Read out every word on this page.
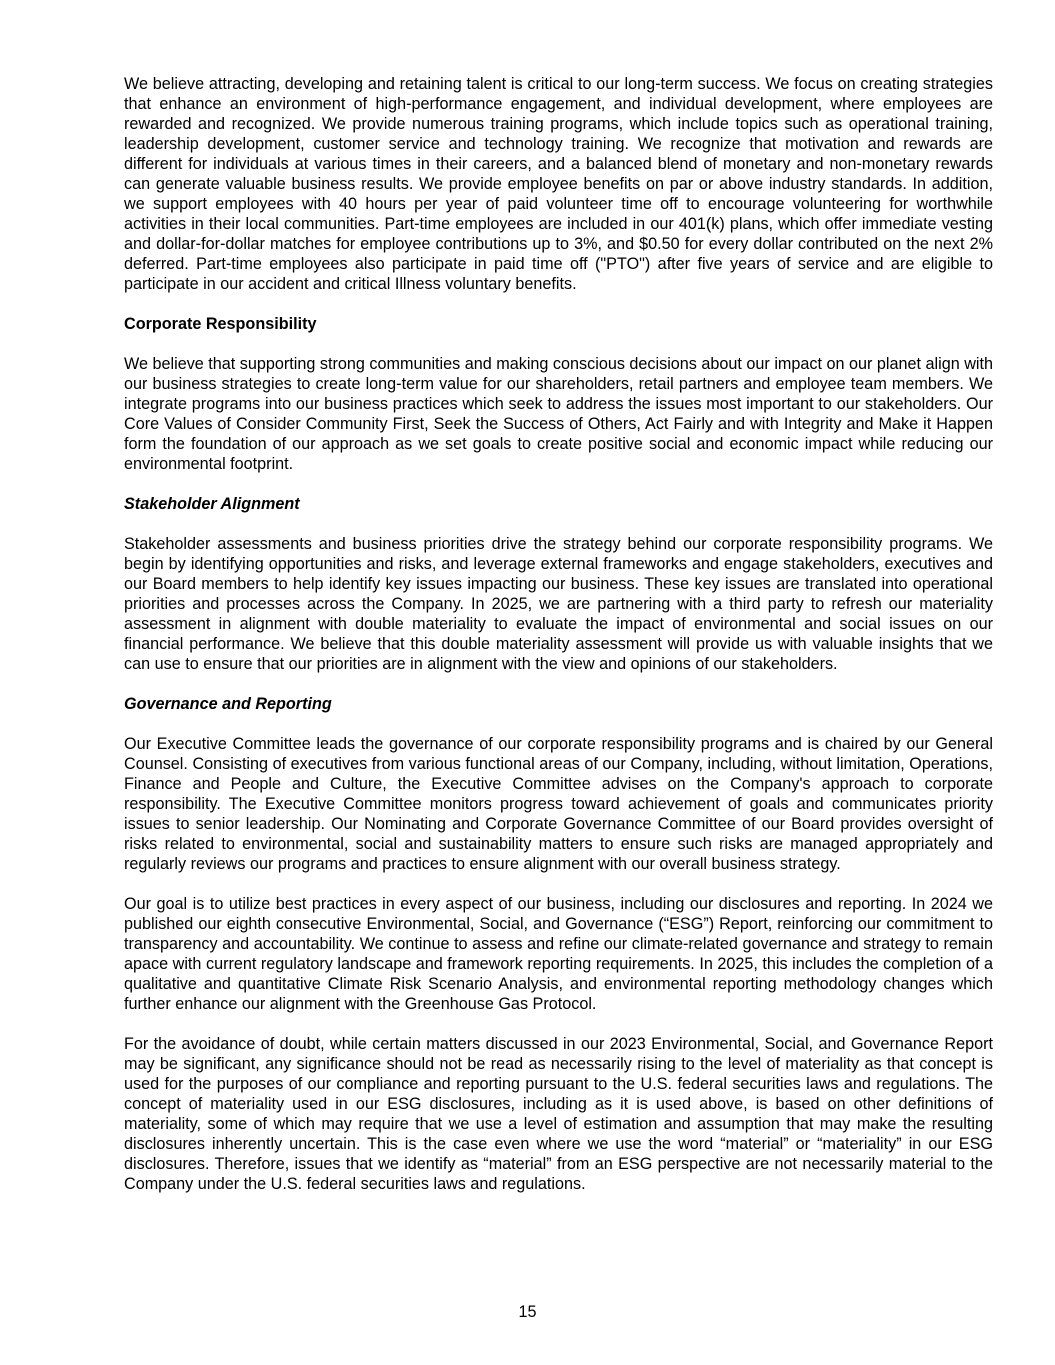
We believe attracting, developing and retaining talent is critical to our long-term success. We focus on creating strategies that enhance an environment of high-performance engagement, and individual development, where employees are rewarded and recognized. We provide numerous training programs, which include topics such as operational training, leadership development, customer service and technology training. We recognize that motivation and rewards are different for individuals at various times in their careers, and a balanced blend of monetary and non-monetary rewards can generate valuable business results. We provide employee benefits on par or above industry standards. In addition, we support employees with 40 hours per year of paid volunteer time off to encourage volunteering for worthwhile activities in their local communities. Part-time employees are included in our 401(k) plans, which offer immediate vesting and dollar-for-dollar matches for employee contributions up to 3%, and $0.50 for every dollar contributed on the next 2% deferred. Part-time employees also participate in paid time off ("PTO") after five years of service and are eligible to participate in our accident and critical Illness voluntary benefits.

Corporate Responsibility

We believe that supporting strong communities and making conscious decisions about our impact on our planet align with our business strategies to create long-term value for our shareholders, retail partners and employee team members. We integrate programs into our business practices which seek to address the issues most important to our stakeholders. Our Core Values of Consider Community First, Seek the Success of Others, Act Fairly and with Integrity and Make it Happen form the foundation of our approach as we set goals to create positive social and economic impact while reducing our environmental footprint.

Stakeholder Alignment

Stakeholder assessments and business priorities drive the strategy behind our corporate responsibility programs. We begin by identifying opportunities and risks, and leverage external frameworks and engage stakeholders, executives and our Board members to help identify key issues impacting our business. These key issues are translated into operational priorities and processes across the Company. In 2025, we are partnering with a third party to refresh our materiality assessment in alignment with double materiality to evaluate the impact of environmental and social issues on our financial performance. We believe that this double materiality assessment will provide us with valuable insights that we can use to ensure that our priorities are in alignment with the view and opinions of our stakeholders.

Governance and Reporting

Our Executive Committee leads the governance of our corporate responsibility programs and is chaired by our General Counsel. Consisting of executives from various functional areas of our Company, including, without limitation, Operations, Finance and People and Culture, the Executive Committee advises on the Company's approach to corporate responsibility. The Executive Committee monitors progress toward achievement of goals and communicates priority issues to senior leadership. Our Nominating and Corporate Governance Committee of our Board provides oversight of risks related to environmental, social and sustainability matters to ensure such risks are managed appropriately and regularly reviews our programs and practices to ensure alignment with our overall business strategy.

Our goal is to utilize best practices in every aspect of our business, including our disclosures and reporting. In 2024 we published our eighth consecutive Environmental, Social, and Governance (“ESG”) Report, reinforcing our commitment to transparency and accountability. We continue to assess and refine our climate-related governance and strategy to remain apace with current regulatory landscape and framework reporting requirements. In 2025, this includes the completion of a qualitative and quantitative Climate Risk Scenario Analysis, and environmental reporting methodology changes which further enhance our alignment with the Greenhouse Gas Protocol.

For the avoidance of doubt, while certain matters discussed in our 2023 Environmental, Social, and Governance Report may be significant, any significance should not be read as necessarily rising to the level of materiality as that concept is used for the purposes of our compliance and reporting pursuant to the U.S. federal securities laws and regulations. The concept of materiality used in our ESG disclosures, including as it is used above, is based on other definitions of materiality, some of which may require that we use a level of estimation and assumption that may make the resulting disclosures inherently uncertain. This is the case even where we use the word “material” or “materiality” in our ESG disclosures. Therefore, issues that we identify as “material” from an ESG perspective are not necessarily material to the Company under the U.S. federal securities laws and regulations.

15
